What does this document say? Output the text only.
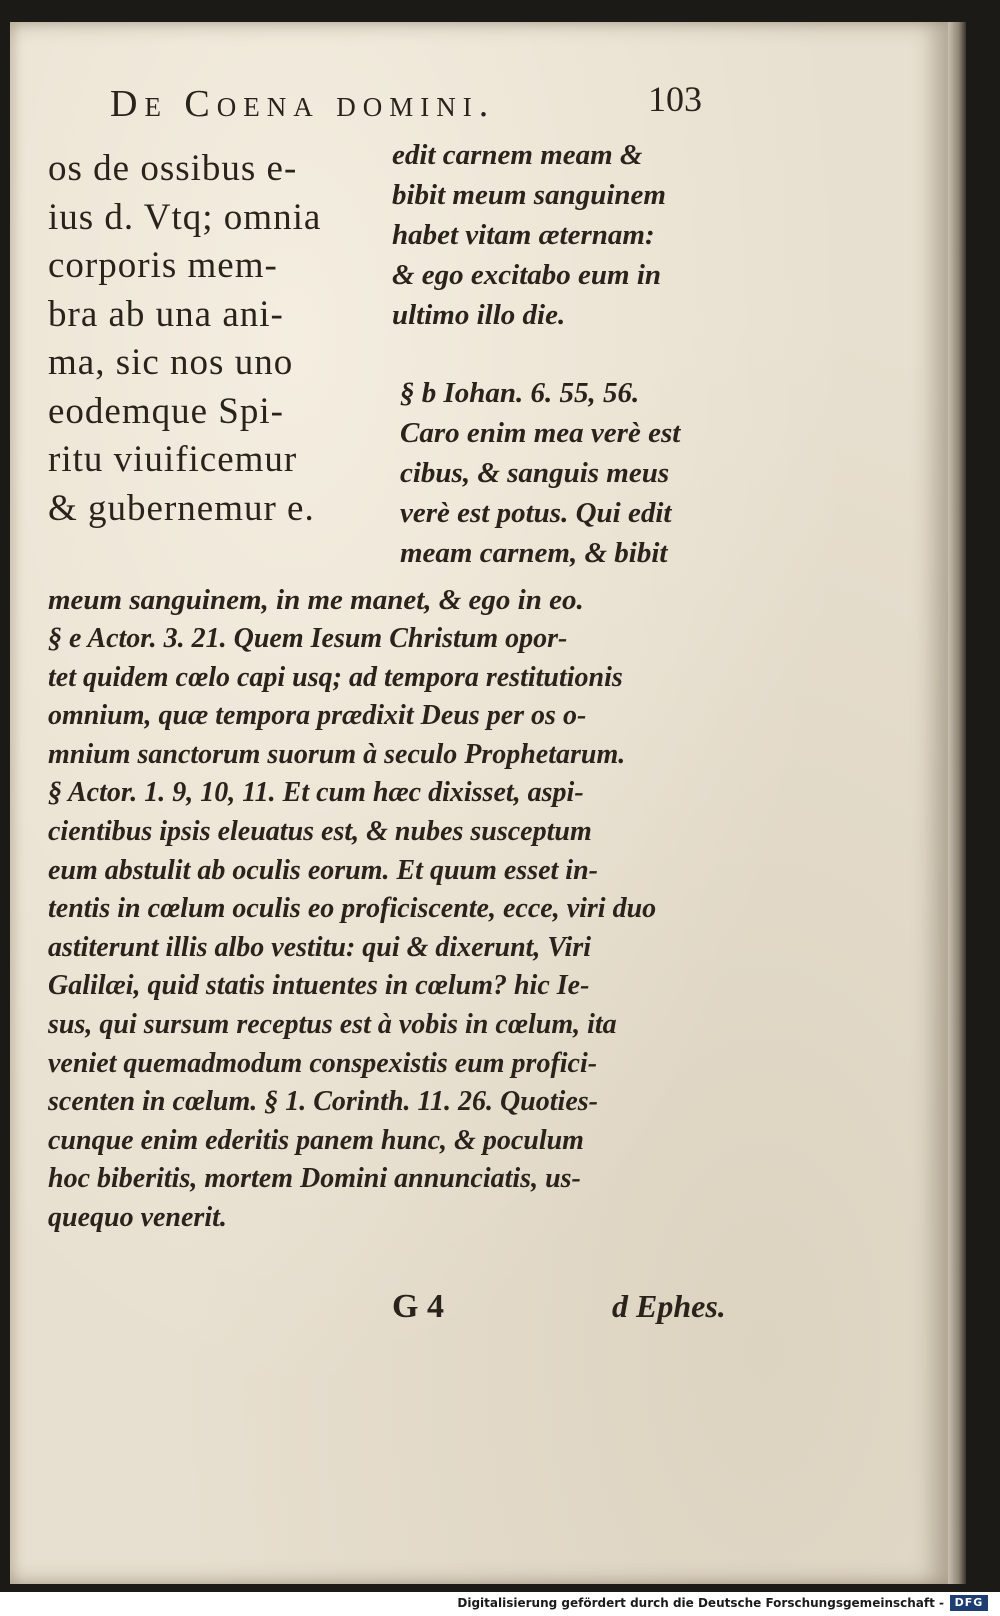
De Coena domini.	103
os de ossibus e-
ius d. Vtq; omnia
corporis mem-
bra ab una ani-
ma, sic nos uno
eodemque Spi-
ritu viuificemur
& gubernemur e.
edit carnem meam &
bibit meum sanguinem
habet vitam æternam:
& ego excitabo eum in
ultimo illo die.
§ b Iohan. 6. 55, 56.
Caro enim mea verè est
cibus, & sanguis meus
verè est potus. Qui edit
meam carnem, & bibit
meum sanguinem, in me manet, & ego in eo.
§ e Actor. 3. 21. Quem Iesum Christum opor-
tet quidem cœlo capi usq; ad tempora restitutionis
omnium, quæ tempora prædixit Deus per os o-
mnium sanctorum suorum à seculo Prophetarum.
§ Actor. 1. 9, 10, 11. Et cum hæc dixisset, aspi-
cientibus ipsis eleuatus est, & nubes susceptum
eum abstulit ab oculis eorum. Et quum esset in-
tentis in cœlum oculis eo proficiscente, ecce, viri duo
astiterunt illis albo vestitu: qui & dixerunt, Viri
Galilæi, quid statis intuentes in cœlum? hic Ie-
sus, qui sursum receptus est à vobis in cœlum, ita
veniet quemadmodum conspexistis eum profici-
scenten in cœlum. § 1. Corinth. 11. 26. Quoties-
cunque enim ederitis panem hunc, & poculum
hoc biberitis, mortem Domini annunciatis, us-
quequo venerit.
G 4	d Ephes.
Digitalisierung gefördert durch die Deutsche Forschungsgemeinschaft - DFG
